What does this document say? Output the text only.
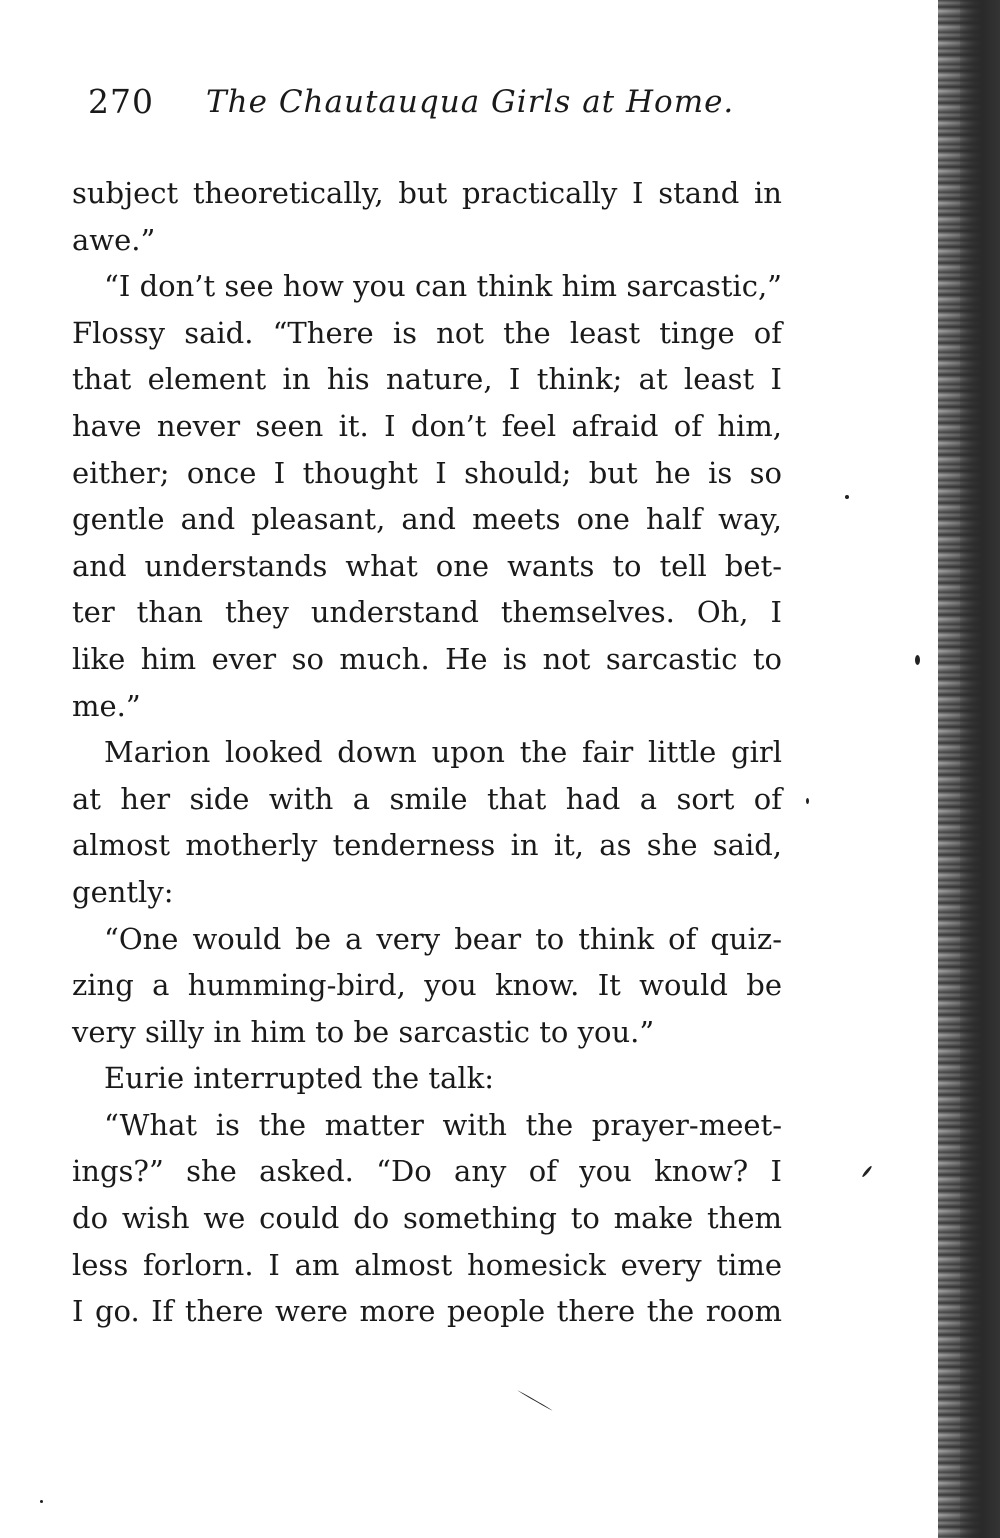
270 The Chautauqua Girls at Home.
subject theoretically, but practically I stand in
awe.”
“I don’t see how you can think him sarcastic,”
Flossy said. “There is not the least tinge of
that element in his nature, I think; at least I
have never seen it. I don’t feel afraid of him,
either; once I thought I should; but he is so
gentle and pleasant, and meets one half way,
and understands what one wants to tell bet-
ter than they understand themselves. Oh, I
like him ever so much. He is not sarcastic to
me.”
Marion looked down upon the fair little girl
at her side with a smile that had a sort of
almost motherly tenderness in it, as she said,
gently:
“One would be a very bear to think of quiz-
zing a humming-bird, you know. It would be
very silly in him to be sarcastic to you.”
Eurie interrupted the talk:
“What is the matter with the prayer-meet-
ings?” she asked. “Do any of you know? I
do wish we could do something to make them
less forlorn. I am almost homesick every time
I go. If there were more people there the room
